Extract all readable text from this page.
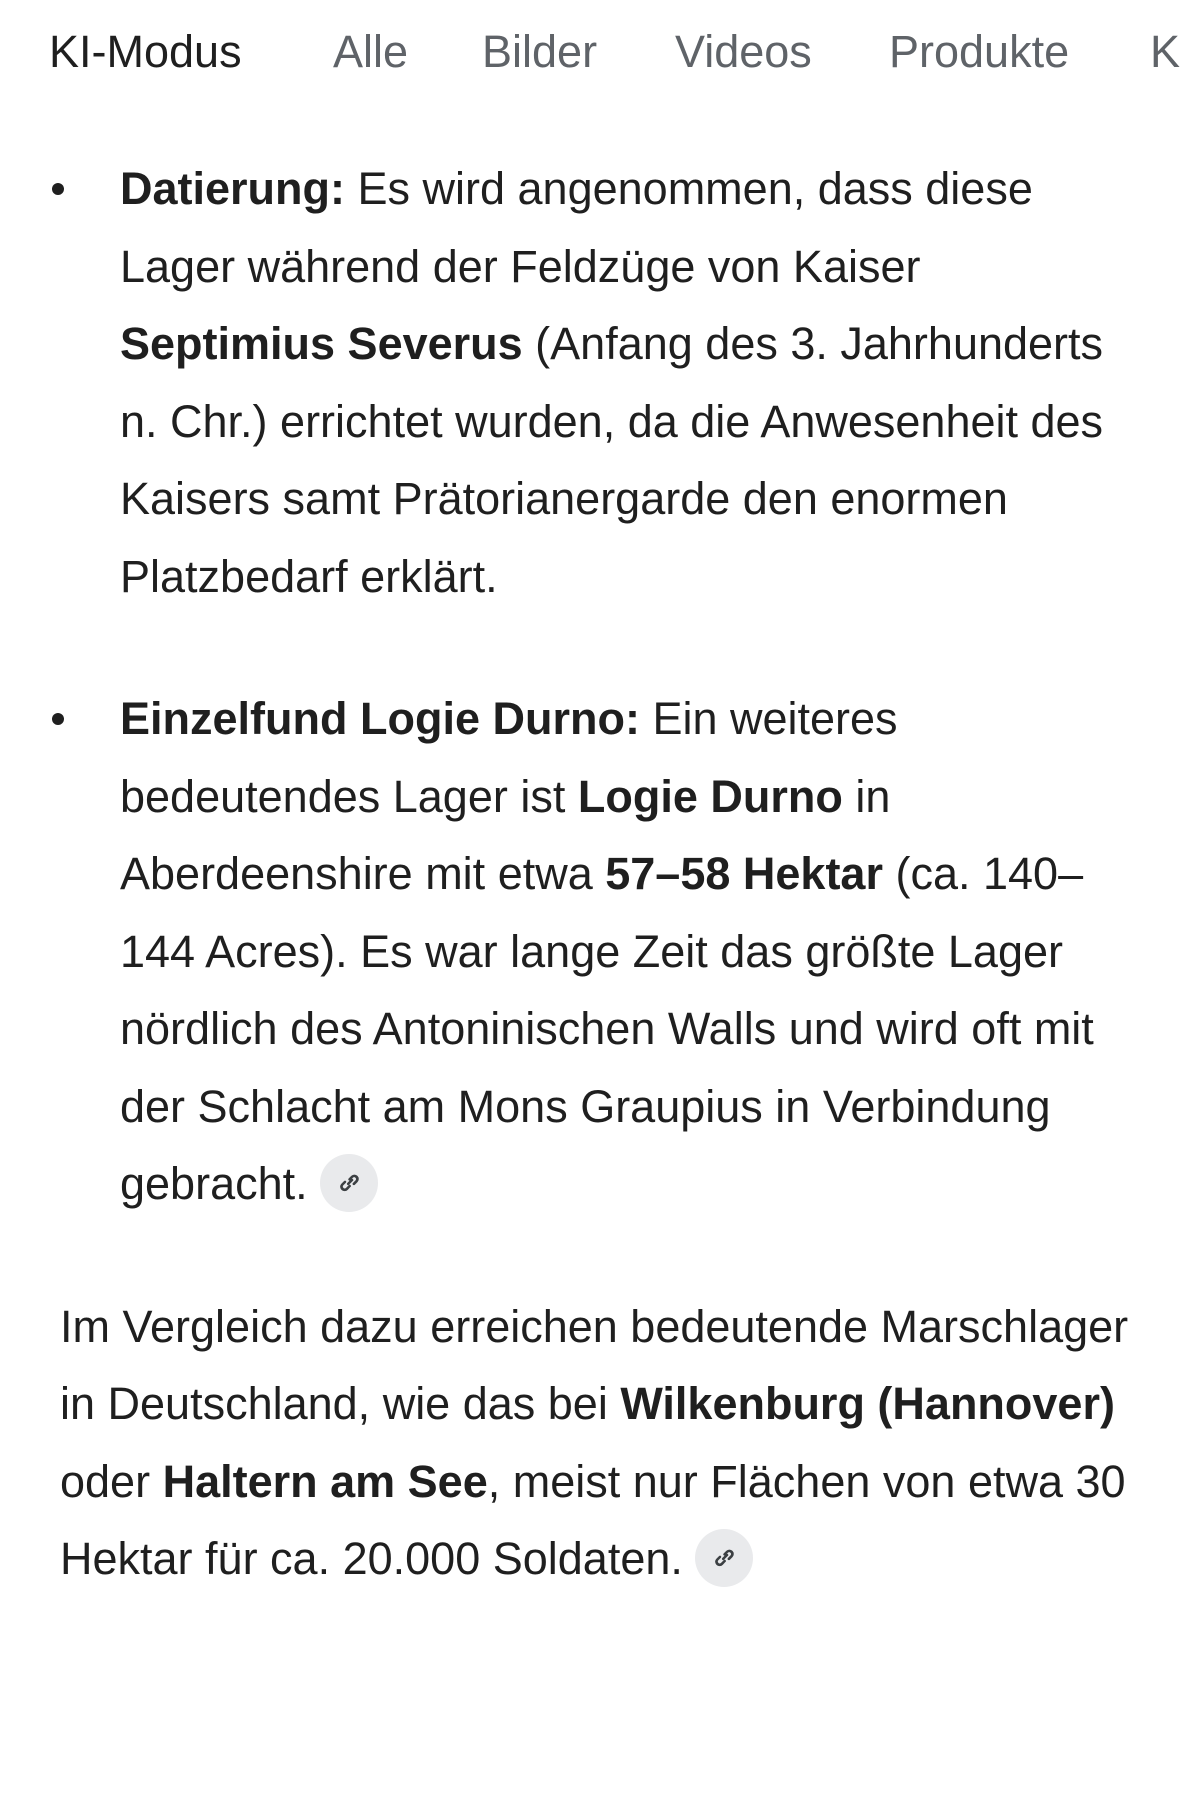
KI-Modus Alle Bilder Videos Produkte K
Datierung: Es wird angenommen, dass diese Lager während der Feldzüge von Kaiser Septimius Severus (Anfang des 3. Jahrhunderts n. Chr.) errichtet wurden, da die Anwesenheit des Kaisers samt Prätorianergarde den enormen Platzbedarf erklärt.
Einzelfund Logie Durno: Ein weiteres bedeutendes Lager ist Logie Durno in Aberdeenshire mit etwa 57–58 Hektar (ca. 140–144 Acres). Es war lange Zeit das größte Lager nördlich des Antoninischen Walls und wird oft mit der Schlacht am Mons Graupius in Verbindung gebracht.

Im Vergleich dazu erreichen bedeutende Marschlager in Deutschland, wie das bei Wilkenburg (Hannover) oder Haltern am See, meist nur Flächen von etwa 30 Hektar für ca. 20.000 Soldaten.
